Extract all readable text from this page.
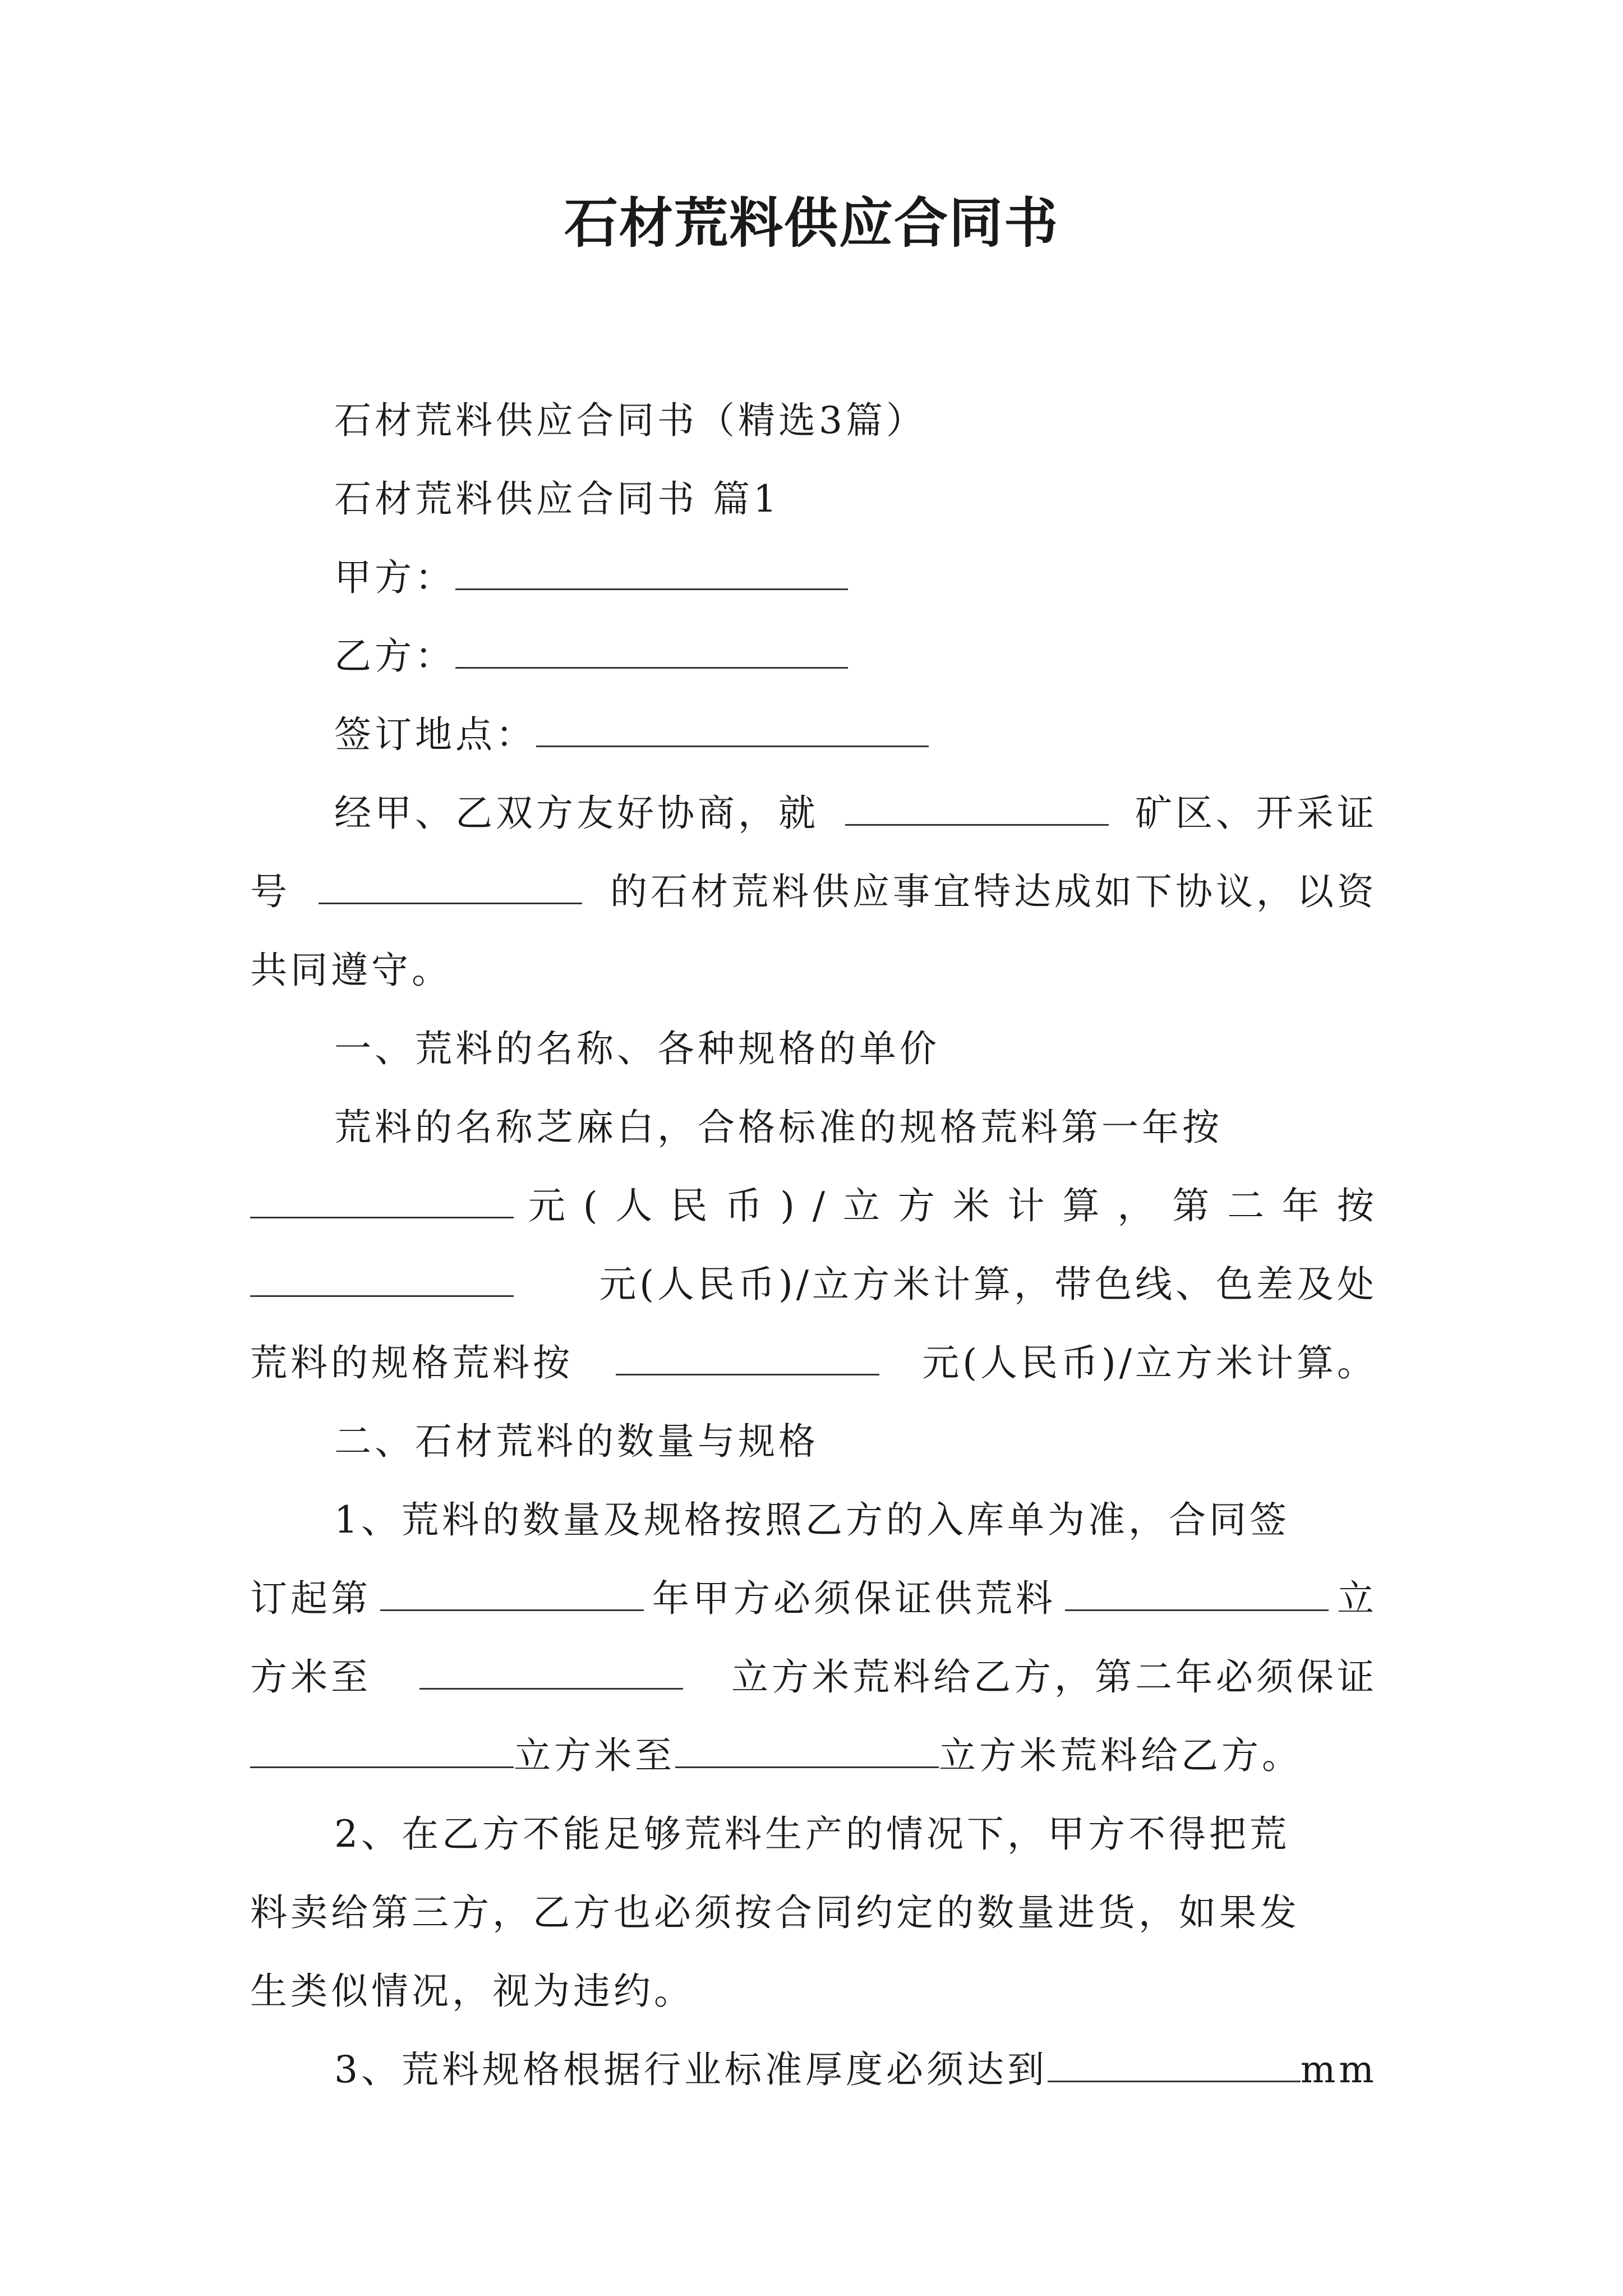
石材荒料供应合同书
石材荒料供应合同书（精选3篇）
石材荒料供应合同书 篇1
甲方：
乙方：
签订地点：
经甲、乙双方友好协商，就	矿区、开采证
号	的石材荒料供应事宜特达成如下协议，以资
共同遵守。
一、荒料的名称、各种规格的单价
荒料的名称芝麻白，合格标准的规格荒料第一年按
元 ( 人 民 币 ) / 立 方 米 计 算 ， 第 二 年 按
元(人民币)/立方米计算，带色线、色差及处
荒料的规格荒料按	元(人民币)/立方米计算。
二、石材荒料的数量与规格
1、荒料的数量及规格按照乙方的入库单为准，合同签
订起第	年甲方必须保证供荒料	立
方米至	立方米荒料给乙方，第二年必须保证
立方米至	立方米荒料给乙方。
2、在乙方不能足够荒料生产的情况下，甲方不得把荒
料卖给第三方，乙方也必须按合同约定的数量进货，如果发
生类似情况，视为违约。
3、荒料规格根据行业标准厚度必须达到	mm
